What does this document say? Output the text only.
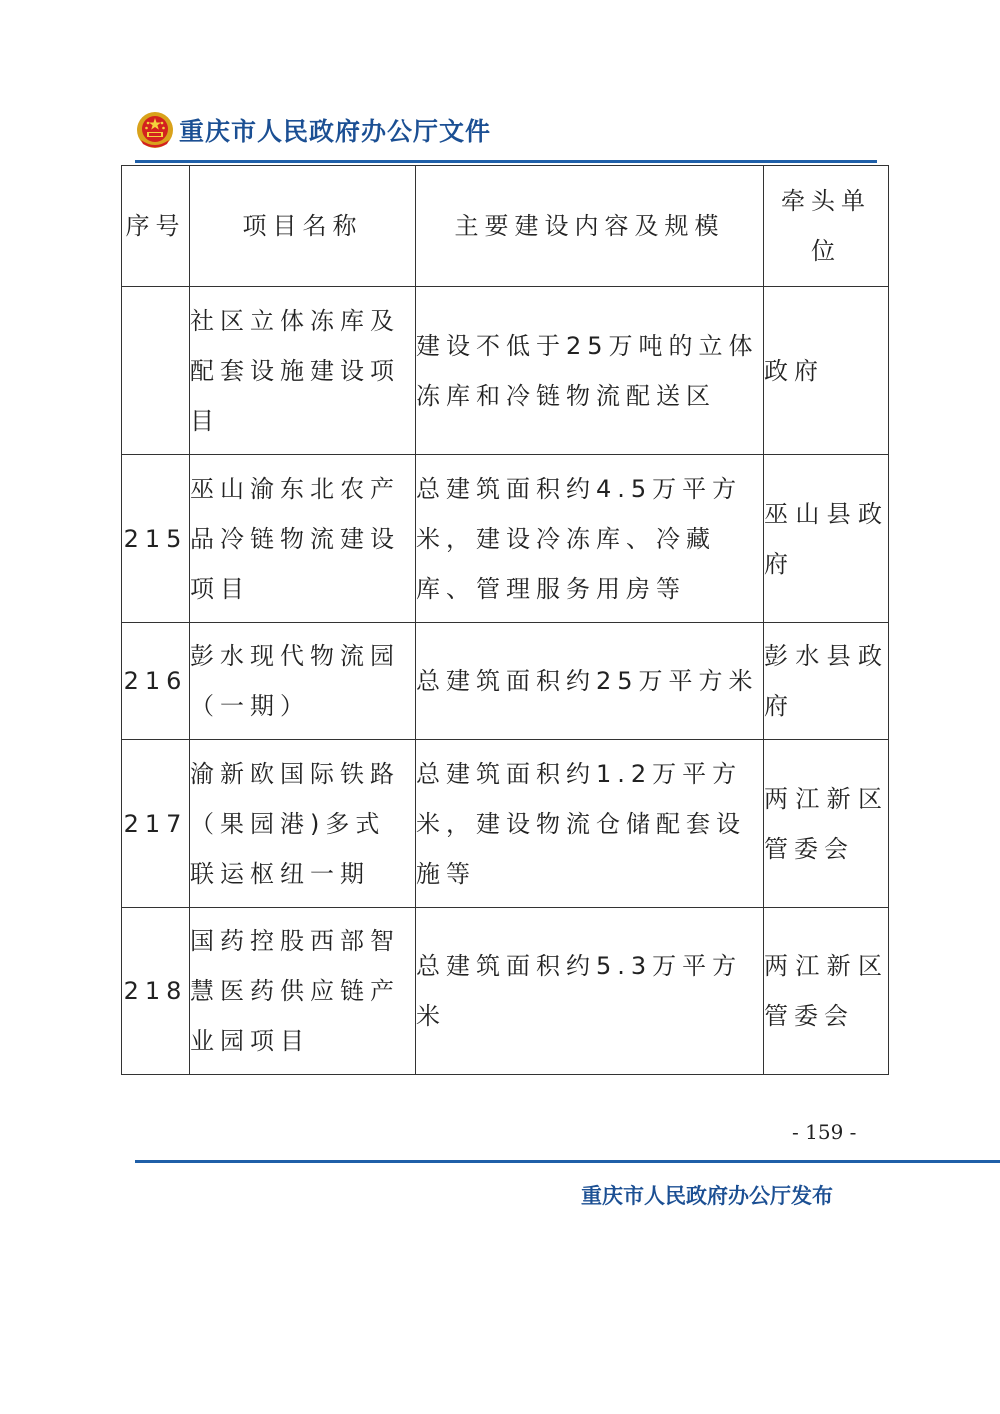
重庆市人民政府办公厅文件
序号	项目名称	主要建设内容及规模	牵头单位
	社区立体冻库及配套设施建设项目	建设不低于25万吨的立体冻库和冷链物流配送区	政府
215	巫山渝东北农产品冷链物流建设项目	总建筑面积约4.5万平方米，建设冷冻库、冷藏库、管理服务用房等	巫山县政府
216	彭水现代物流园（一期）	总建筑面积约25万平方米	彭水县政府
217	渝新欧国际铁路（果园港)多式联运枢纽一期	总建筑面积约1.2万平方米，建设物流仓储配套设施等	两江新区管委会
218	国药控股西部智慧医药供应链产业园项目	总建筑面积约5.3万平方米	两江新区管委会
- 159 -
重庆市人民政府办公厅发布
